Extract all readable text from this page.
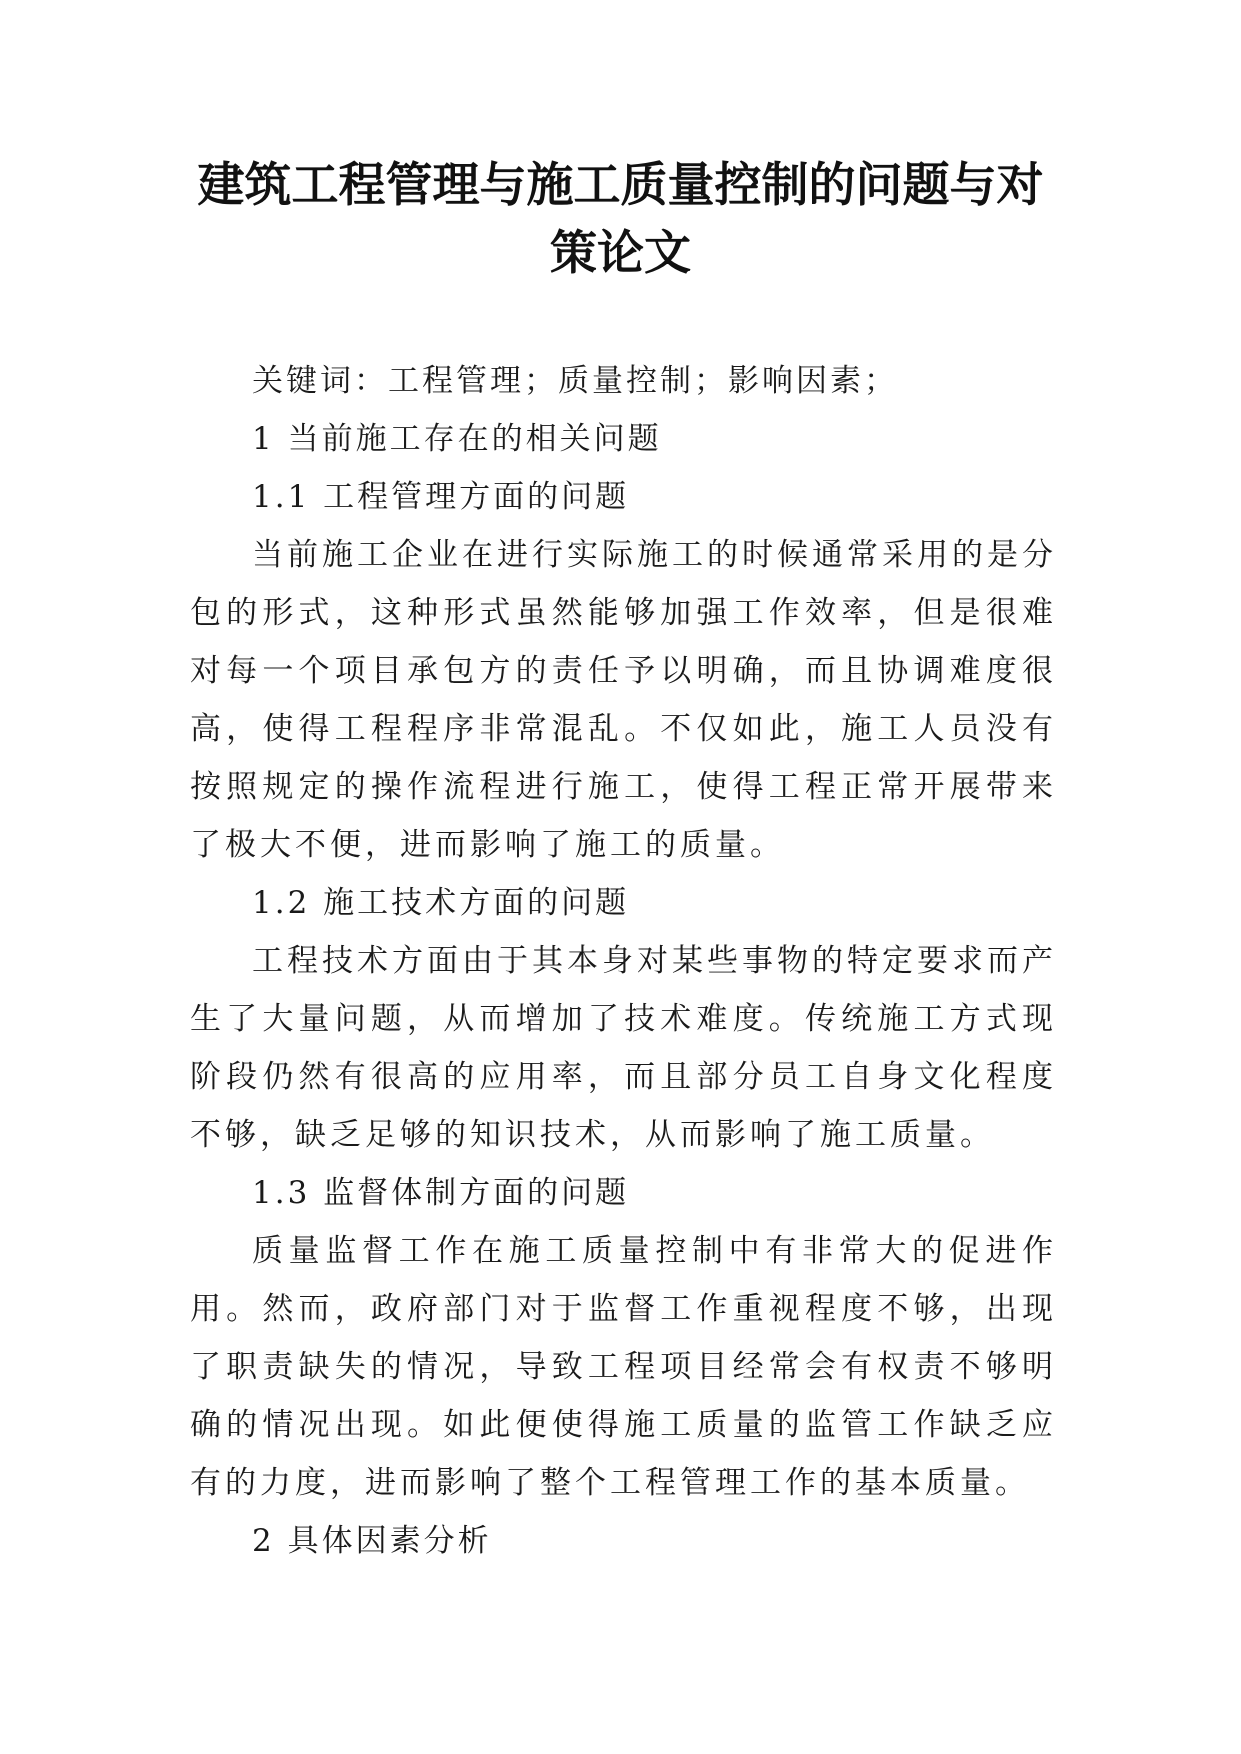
建筑工程管理与施工质量控制的问题与对
策论文

关键词：工程管理；质量控制；影响因素；

1 当前施工存在的相关问题

1.1 工程管理方面的问题

当前施工企业在进行实际施工的时候通常采用的是分包的形式，这种形式虽然能够加强工作效率，但是很难对每一个项目承包方的责任予以明确，而且协调难度很高，使得工程程序非常混乱。不仅如此，施工人员没有按照规定的操作流程进行施工，使得工程正常开展带来了极大不便，进而影响了施工的质量。

1.2 施工技术方面的问题

工程技术方面由于其本身对某些事物的特定要求而产生了大量问题，从而增加了技术难度。传统施工方式现阶段仍然有很高的应用率，而且部分员工自身文化程度不够，缺乏足够的知识技术，从而影响了施工质量。

1.3 监督体制方面的问题

质量监督工作在施工质量控制中有非常大的促进作用。然而，政府部门对于监督工作重视程度不够，出现了职责缺失的情况，导致工程项目经常会有权责不够明确的情况出现。如此便使得施工质量的监管工作缺乏应有的力度，进而影响了整个工程管理工作的基本质量。

2 具体因素分析
